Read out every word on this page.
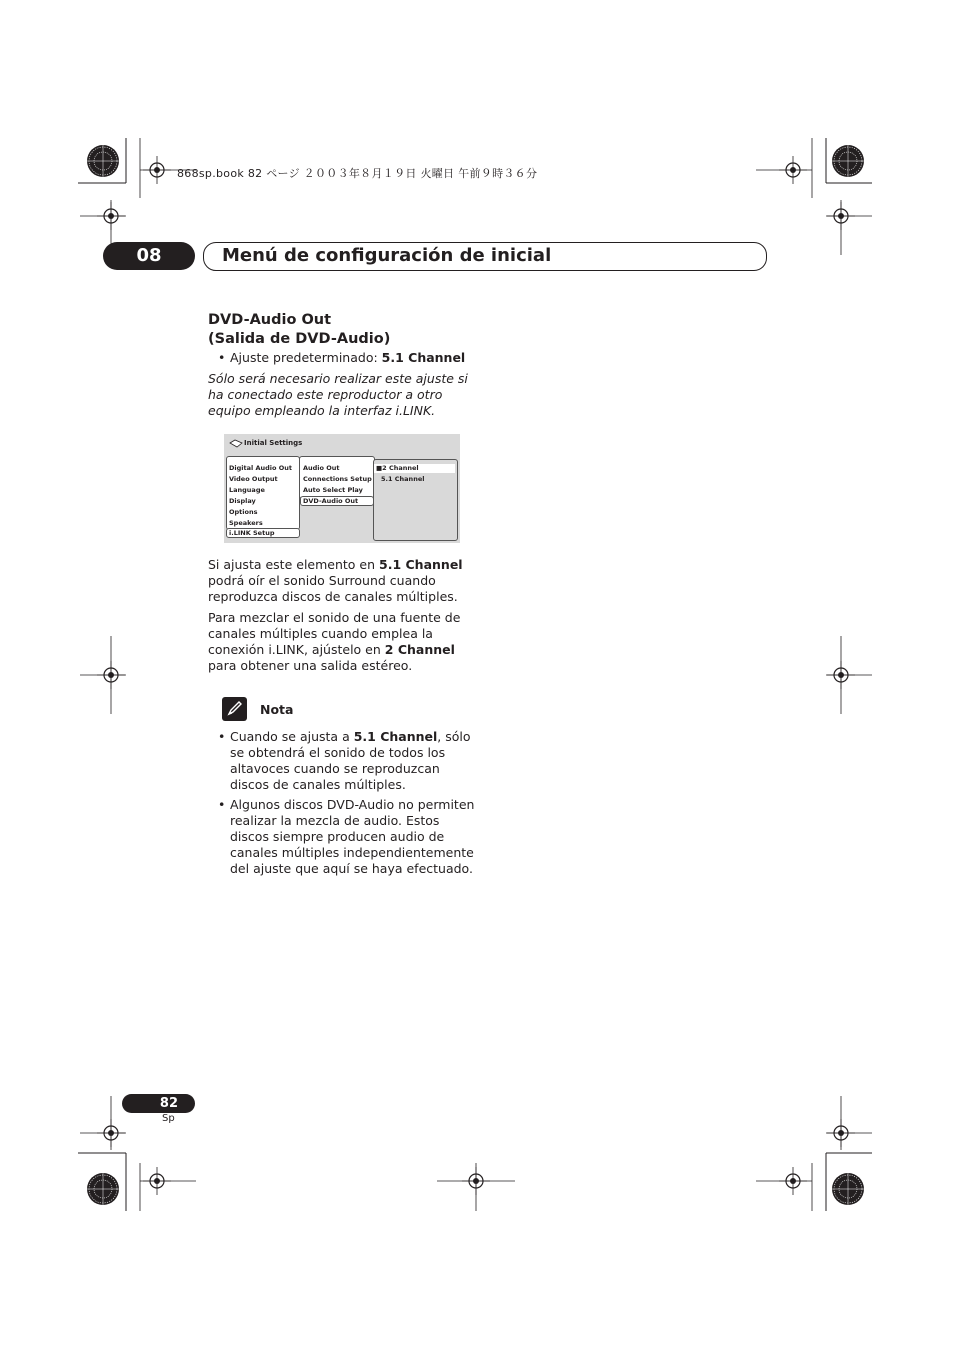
868sp.book 82 ページ ２００３年８月１９日 火曜日 午前９時３６分
08	Menú de configuración de inicial
DVD-Audio Out
(Salida de DVD-Audio)
• Ajuste predeterminado: 5.1 Channel
Sólo será necesario realizar este ajuste si ha conectado este reproductor a otro equipo empleando la interfaz i.LINK.
Initial Settings
Digital Audio Out
Video Output
Language
Display
Options
Speakers
i.LINK Setup
Audio Out
Connections Setup
Auto Select Play
DVD-Audio Out
■2 Channel
5.1 Channel
Si ajusta este elemento en 5.1 Channel podrá oír el sonido Surround cuando reproduzca discos de canales múltiples.
Para mezclar el sonido de una fuente de canales múltiples cuando emplea la conexión i.LINK, ajústelo en 2 Channel para obtener una salida estéreo.
Nota
• Cuando se ajusta a 5.1 Channel, sólo se obtendrá el sonido de todos los altavoces cuando se reproduzcan discos de canales múltiples.
• Algunos discos DVD-Audio no permiten realizar la mezcla de audio. Estos discos siempre producen audio de canales múltiples independientemente del ajuste que aquí se haya efectuado.
82
Sp
